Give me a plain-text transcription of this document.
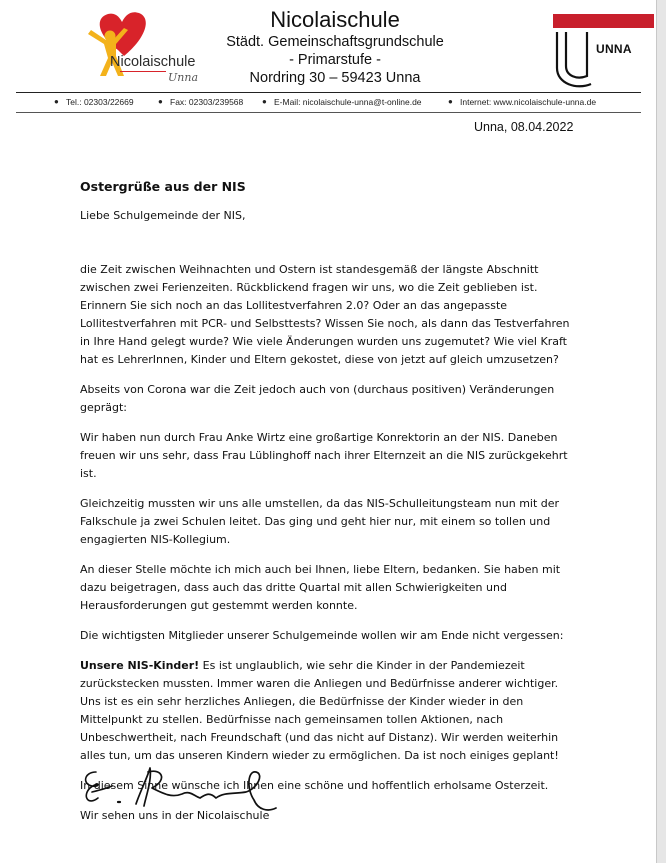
Nicolaischule
Unna
Nicolaischule
Städt. Gemeinschaftsgrundschule
- Primarstufe -
Nordring 30 – 59423 Unna
UNNA
● Tel.: 02303/22669	● Fax: 02303/239568 ● E-Mail: nicolaischule-unna@t-online.de	● Internet: www.nicolaischule-unna.de
Unna, 08.04.2022

Ostergrüße aus der NIS

Liebe Schulgemeinde der NIS,

die Zeit zwischen Weihnachten und Ostern ist standesgemäß der längste Abschnitt zwischen zwei Ferienzeiten. Rückblickend fragen wir uns, wo die Zeit geblieben ist. Erinnern Sie sich noch an das Lollitestverfahren 2.0? Oder an das angepasste Lollitestverfahren mit PCR- und Selbsttests? Wissen Sie noch, als dann das Testverfahren in Ihre Hand gelegt wurde? Wie viele Änderungen wurden uns zugemutet? Wie viel Kraft hat es LehrerInnen, Kinder und Eltern gekostet, diese von jetzt auf gleich umzusetzen?

Abseits von Corona war die Zeit jedoch auch von (durchaus positiven) Veränderungen geprägt:

Wir haben nun durch Frau Anke Wirtz eine großartige Konrektorin an der NIS. Daneben freuen wir uns sehr, dass Frau Lüblinghoff nach ihrer Elternzeit an die NIS zurückgekehrt ist.

Gleichzeitig mussten wir uns alle umstellen, da das NIS-Schulleitungsteam nun mit der Falkschule ja zwei Schulen leitet. Das ging und geht hier nur, mit einem so tollen und engagierten NIS-Kollegium.

An dieser Stelle möchte ich mich auch bei Ihnen, liebe Eltern, bedanken. Sie haben mit dazu beigetragen, dass auch das dritte Quartal mit allen Schwierigkeiten und Herausforderungen gut gestemmt werden konnte.

Die wichtigsten Mitglieder unserer Schulgemeinde wollen wir am Ende nicht vergessen:

Unsere NIS-Kinder! Es ist unglaublich, wie sehr die Kinder in der Pandemiezeit zurückstecken mussten. Immer waren die Anliegen und Bedürfnisse anderer wichtiger. Uns ist es ein sehr herzliches Anliegen, die Bedürfnisse der Kinder wieder in den Mittelpunkt zu stellen. Bedürfnisse nach gemeinsamen tollen Aktionen, nach Unbeschwertheit, nach Freundschaft (und das nicht auf Distanz). Wir werden weiterhin alles tun, um das unseren Kindern wieder zu ermöglichen. Da ist noch einiges geplant!

In diesem Sinne wünsche ich Ihnen eine schöne und hoffentlich erholsame Osterzeit.

Wir sehen uns in der Nicolaischule
